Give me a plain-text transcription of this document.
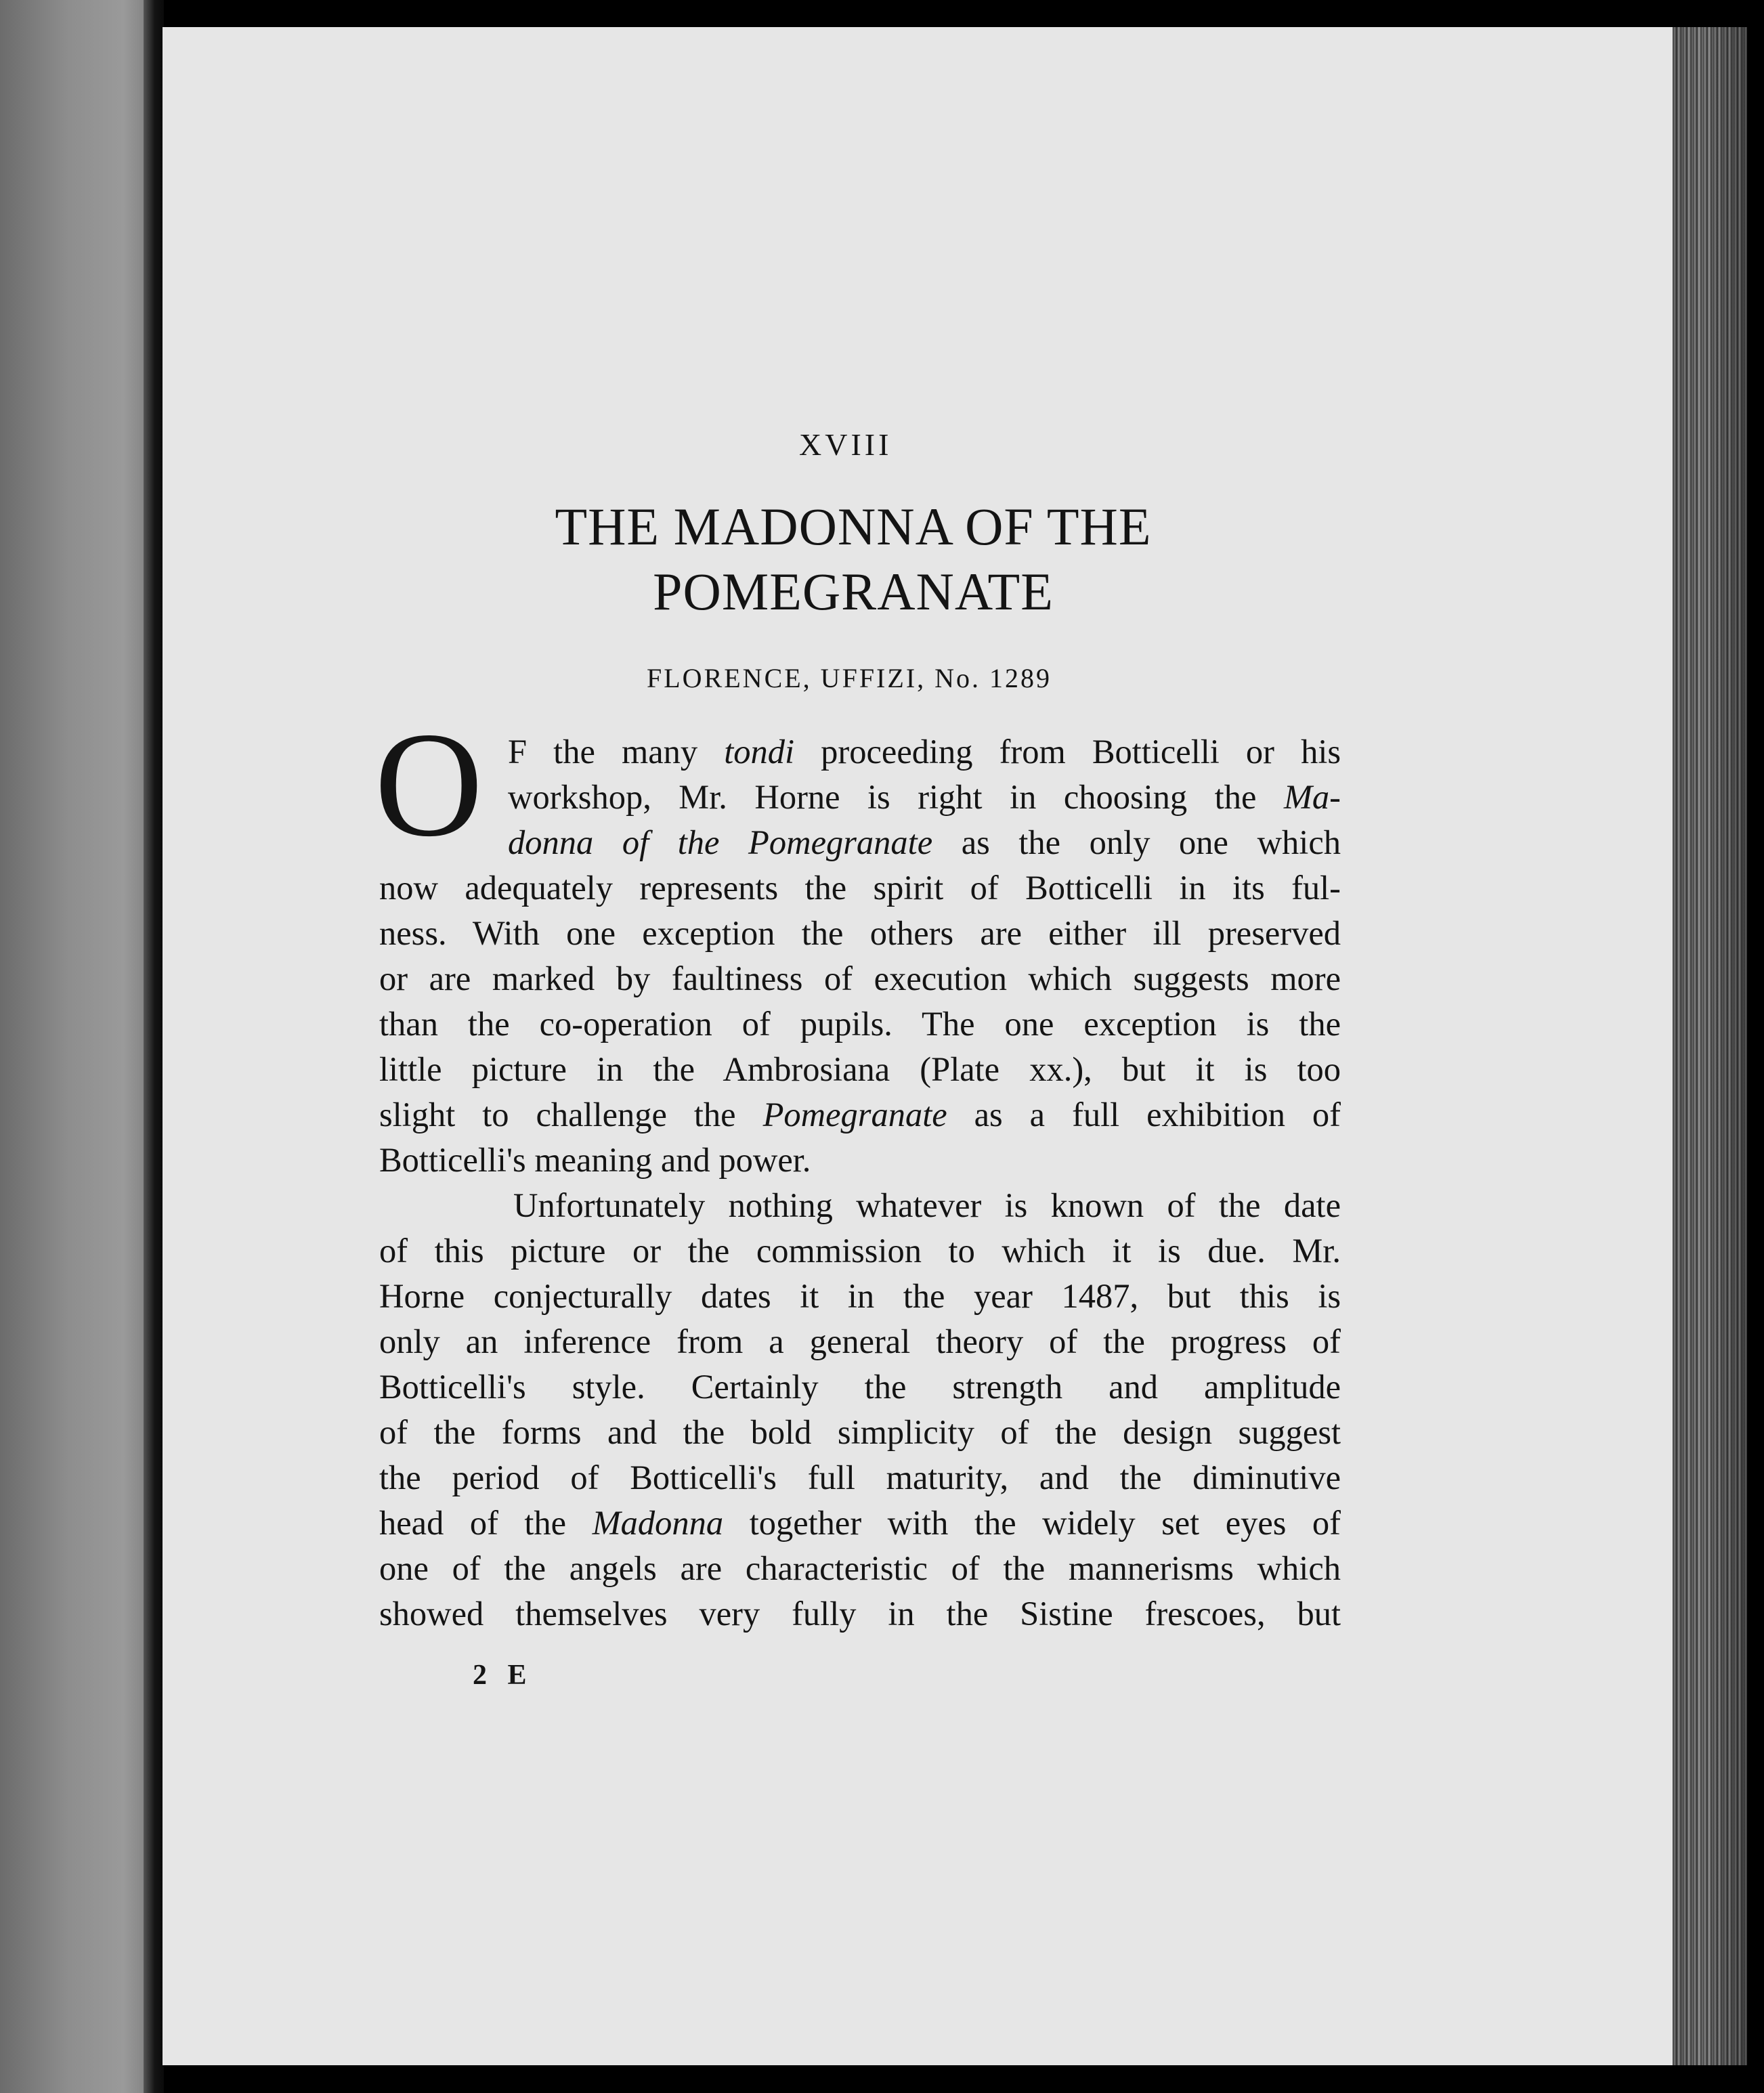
XVIII
THE MADONNA OF THE
POMEGRANATE
FLORENCE, UFFIZI, No. 1289
O F the many tondi proceeding from Botticelli or his
workshop, Mr. Horne is right in choosing the Ma-
donna of the Pomegranate as the only one which
now adequately represents the spirit of Botticelli in its ful-
ness. With one exception the others are either ill preserved
or are marked by faultiness of execution which suggests more
than the co-operation of pupils. The one exception is the
little picture in the Ambrosiana (Plate xx.), but it is too
slight to challenge the Pomegranate as a full exhibition of
Botticelli's meaning and power.
Unfortunately nothing whatever is known of the date
of this picture or the commission to which it is due. Mr.
Horne conjecturally dates it in the year 1487, but this is
only an inference from a general theory of the progress of
Botticelli's style. Certainly the strength and amplitude
of the forms and the bold simplicity of the design suggest
the period of Botticelli's full maturity, and the diminutive
head of the Madonna together with the widely set eyes of
one of the angels are characteristic of the mannerisms which
showed themselves very fully in the Sistine frescoes, but
2 E
